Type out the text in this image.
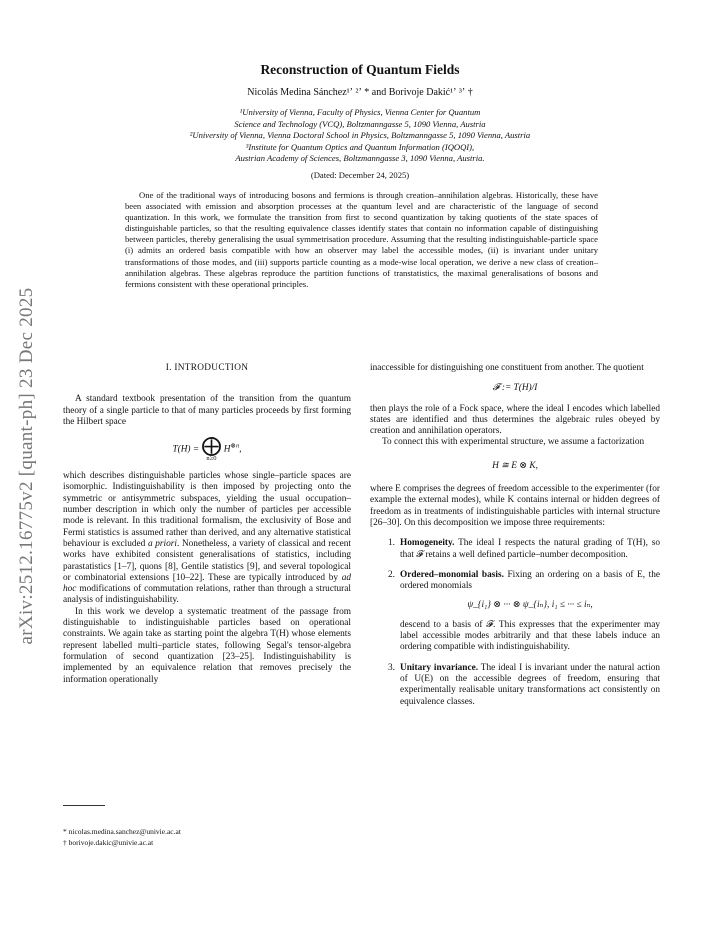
arXiv:2512.16775v2 [quant-ph] 23 Dec 2025
Reconstruction of Quantum Fields
Nicolás Medina Sánchez¹ʼ ²ʼ * and Borivoje Dakić¹ʼ ³ʼ †
¹University of Vienna, Faculty of Physics, Vienna Center for Quantum
Science and Technology (VCQ), Boltzmanngasse 5, 1090 Vienna, Austria
²University of Vienna, Vienna Doctoral School in Physics, Boltzmanngasse 5, 1090 Vienna, Austria
³Institute for Quantum Optics and Quantum Information (IQOQI),
Austrian Academy of Sciences, Boltzmanngasse 3, 1090 Vienna, Austria.
(Dated: December 24, 2025)

One of the traditional ways of introducing bosons and fermions is through creation–annihilation algebras. Historically, these have been associated with emission and absorption processes at the quantum level and are characteristic of the language of second quantization. In this work, we formulate the transition from first to second quantization by taking quotients of the state spaces of distinguishable particles, so that the resulting equivalence classes identify states that contain no information capable of distinguishing between particles, thereby generalising the usual symmetrisation procedure. Assuming that the resulting indistinguishable-particle space (i) admits an ordered basis compatible with how an observer may label the accessible modes, (ii) is invariant under unitary transformations of those modes, and (iii) supports particle counting as a mode-wise local operation, we derive a new class of creation–annihilation algebras. These algebras reproduce the partition functions of transtatistics, the maximal generalisations of bosons and fermions consistent with these operational principles.

I. INTRODUCTION

A standard textbook presentation of the transition from the quantum theory of a single particle to that of many particles proceeds by first forming the Hilbert space

T(H) = ⨁
n≥0
$H^{\otimes n}$,

which describes distinguishable particles whose single–particle spaces are isomorphic. Indistinguishability is then imposed by projecting onto the symmetric or antisymmetric subspaces, yielding the usual occupation–number description in which only the number of particles per accessible mode is relevant. In this traditional formalism, the exclusivity of Bose and Fermi statistics is assumed rather than derived, and any alternative statistical behaviour is excluded a priori. Nonetheless, a variety of classical and recent works have exhibited consistent generalisations of statistics, including parastatistics [1–7], quons [8], Gentile statistics [9], and several topological or combinatorial extensions [10–22]. These are typically introduced by ad hoc modifications of commutation relations, rather than through a structural analysis of indistinguishability.

In this work we develop a systematic treatment of the passage from distinguishable to indistinguishable particles based on operational constraints. We again take as starting point the algebra T(H) whose elements represent labelled multi–particle states, following Segal's tensor-algebra formulation of second quantization [23–25]. Indistinguishability is implemented by an equivalence relation that removes precisely the information operationally

inaccessible for distinguishing one constituent from another. The quotient

𝓕 := T(H)/I

then plays the role of a Fock space, where the ideal I encodes which labelled states are identified and thus determines the algebraic rules obeyed by creation and annihilation operators.

To connect this with experimental structure, we assume a factorization

H ≅ E ⊗ K,

where E comprises the degrees of freedom accessible to the experimenter (for example the external modes), while K contains internal or hidden degrees of freedom as in treatments of indistinguishable particles with internal structure [26–30]. On this decomposition we impose three requirements:

1. Homogeneity. The ideal I respects the natural grading of T(H), so that 𝓕 retains a well defined particle–number decomposition.
2. Ordered–monomial basis. Fixing an ordering on a basis of E, the ordered monomials
ψ_{i₁} ⊗ ··· ⊗ ψ_{iₙ}, i₁ ≤ ··· ≤ iₙ,
descend to a basis of 𝓕. This expresses that the experimenter may label accessible modes arbitrarily and that these labels induce an ordering compatible with indistinguishability.
3. Unitary invariance. The ideal I is invariant under the natural action of U(E) on the accessible degrees of freedom, ensuring that experimentally realisable unitary transformations act consistently on equivalence classes.
* nicolas.medina.sanchez@univie.ac.at
† borivoje.dakic@univie.ac.at
